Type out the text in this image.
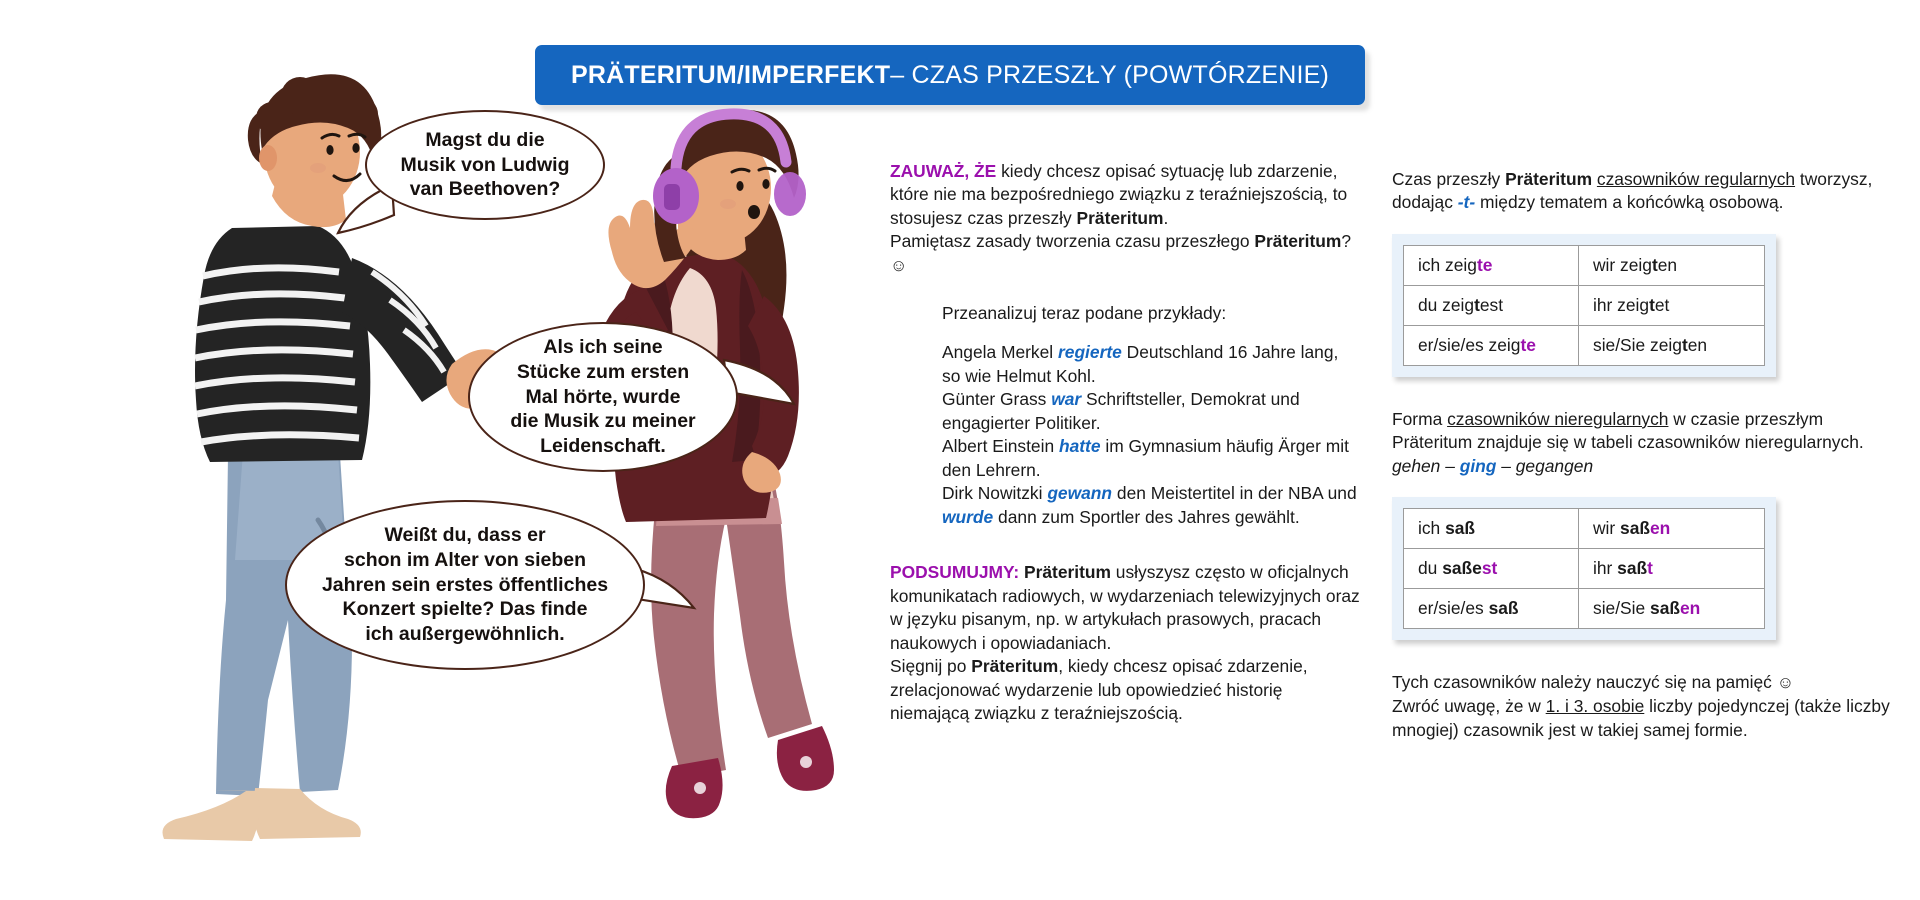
PRÄTERITUM/IMPERFEKT – CZAS PRZESZŁY (POWTÓRZENIE)
Magst du die
Musik von Ludwig
van Beethoven?
Als ich seine
Stücke zum ersten
Mal hörte, wurde
die Musik zu meiner
Leidenschaft.
Weißt du, dass er
schon im Alter von sieben
Jahren sein erstes öffentliches
Konzert spielte? Das finde
ich außergewöhnlich.
ZAUWAŻ, ŻE kiedy chcesz opisać sytuację lub zdarzenie, które nie ma bezpośredniego związku z teraźniejszością, to stosujesz czas przeszły Präteritum.
Pamiętasz zasady tworzenia czasu przeszłego Präteritum? ☺
Przeanalizuj teraz podane przykłady:
Angela Merkel regierte Deutschland 16 Jahre lang, so wie Helmut Kohl.
Günter Grass war Schriftsteller, Demokrat und engagierter Politiker.
Albert Einstein hatte im Gymnasium häufig Ärger mit den Lehrern.
Dirk Nowitzki gewann den Meistertitel in der NBA und wurde dann zum Sportler des Jahres gewählt.
PODSUMUJMY: Präteritum usłyszysz często w oficjalnych komunikatach radiowych, w wydarzeniach telewizyjnych oraz w języku pisanym, np. w artykułach prasowych, pracach naukowych i opowiadaniach.
Sięgnij po Präteritum, kiedy chcesz opisać zdarzenie, zrelacjonować wydarzenie lub opowiedzieć historię niemającą związku z teraźniejszością.
Czas przeszły Präteritum czasowników regularnych tworzysz, dodając -t- między tematem a końcówką osobową.
ich zeigte	wir zeigten
du zeigtest	ihr zeigtet
er/sie/es zeigte	sie/Sie zeigten
Forma czasowników nieregularnych w czasie przeszłym Präteritum znajduje się w tabeli czasowników nieregularnych.
gehen – ging – gegangen
ich saß	wir saßen
du saßest	ihr saßt
er/sie/es saß	sie/Sie saßen
Tych czasowników należy nauczyć się na pamięć ☺
Zwróć uwagę, że w 1. i 3. osobie liczby pojedynczej (także liczby mnogiej) czasownik jest w takiej samej formie.
